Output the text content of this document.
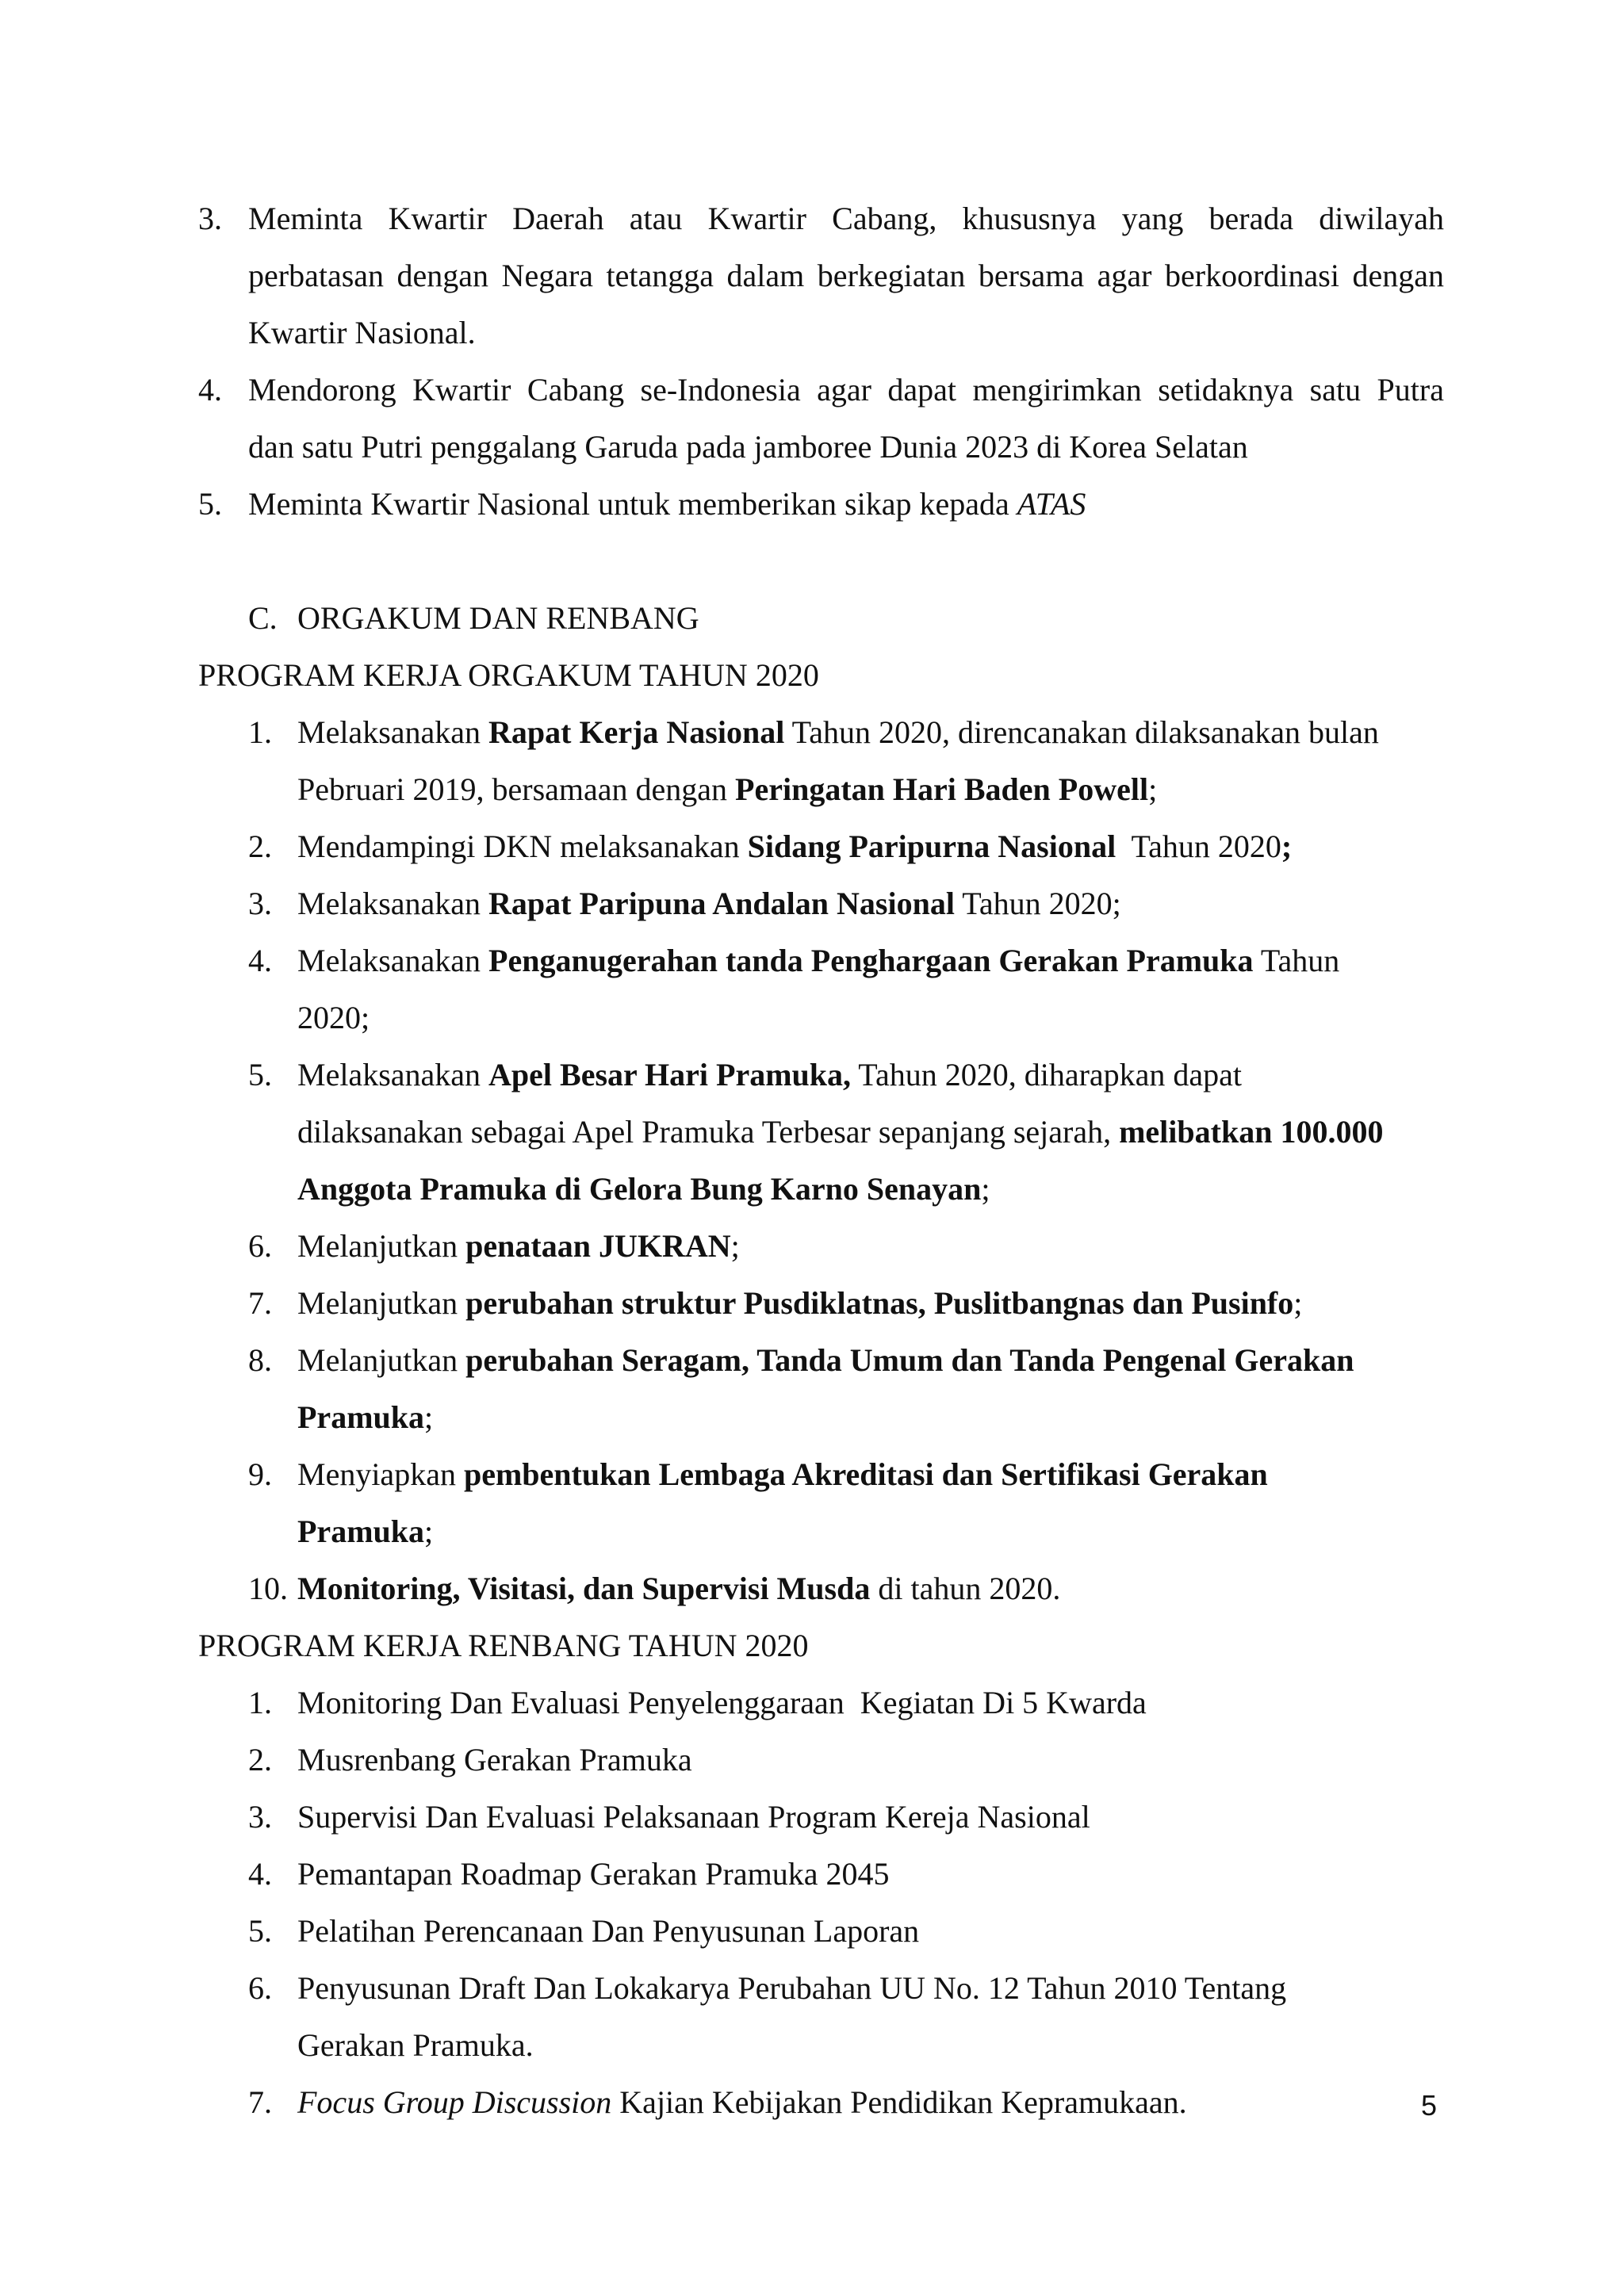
3. Meminta Kwartir Daerah atau Kwartir Cabang, khususnya yang berada diwilayah
perbatasan dengan Negara tetangga dalam berkegiatan bersama agar berkoordinasi dengan
Kwartir Nasional.
4. Mendorong Kwartir Cabang se-Indonesia agar dapat mengirimkan setidaknya satu Putra
dan satu Putri penggalang Garuda pada jamboree Dunia 2023 di Korea Selatan
5. Meminta Kwartir Nasional untuk memberikan sikap kepada ATAS
C. ORGAKUM DAN RENBANG
PROGRAM KERJA ORGAKUM TAHUN 2020
1. Melaksanakan Rapat Kerja Nasional Tahun 2020, direncanakan dilaksanakan bulan
Pebruari 2019, bersamaan dengan Peringatan Hari Baden Powell;
2. Mendampingi DKN melaksanakan Sidang Paripurna Nasional  Tahun 2020;
3. Melaksanakan Rapat Paripuna Andalan Nasional Tahun 2020;
4. Melaksanakan Penganugerahan tanda Penghargaan Gerakan Pramuka Tahun
2020;
5. Melaksanakan Apel Besar Hari Pramuka, Tahun 2020, diharapkan dapat
dilaksanakan sebagai Apel Pramuka Terbesar sepanjang sejarah, melibatkan 100.000
Anggota Pramuka di Gelora Bung Karno Senayan;
6. Melanjutkan penataan JUKRAN;
7. Melanjutkan perubahan struktur Pusdiklatnas, Puslitbangnas dan Pusinfo;
8. Melanjutkan perubahan Seragam, Tanda Umum dan Tanda Pengenal Gerakan
Pramuka;
9. Menyiapkan pembentukan Lembaga Akreditasi dan Sertifikasi Gerakan
Pramuka;
10. Monitoring, Visitasi, dan Supervisi Musda di tahun 2020.
PROGRAM KERJA RENBANG TAHUN 2020
1. Monitoring Dan Evaluasi Penyelenggaraan  Kegiatan Di 5 Kwarda
2. Musrenbang Gerakan Pramuka
3. Supervisi Dan Evaluasi Pelaksanaan Program Kereja Nasional
4. Pemantapan Roadmap Gerakan Pramuka 2045
5. Pelatihan Perencanaan Dan Penyusunan Laporan
6. Penyusunan Draft Dan Lokakarya Perubahan UU No. 12 Tahun 2010 Tentang
Gerakan Pramuka.
7. Focus Group Discussion Kajian Kebijakan Pendidikan Kepramukaan.	5
